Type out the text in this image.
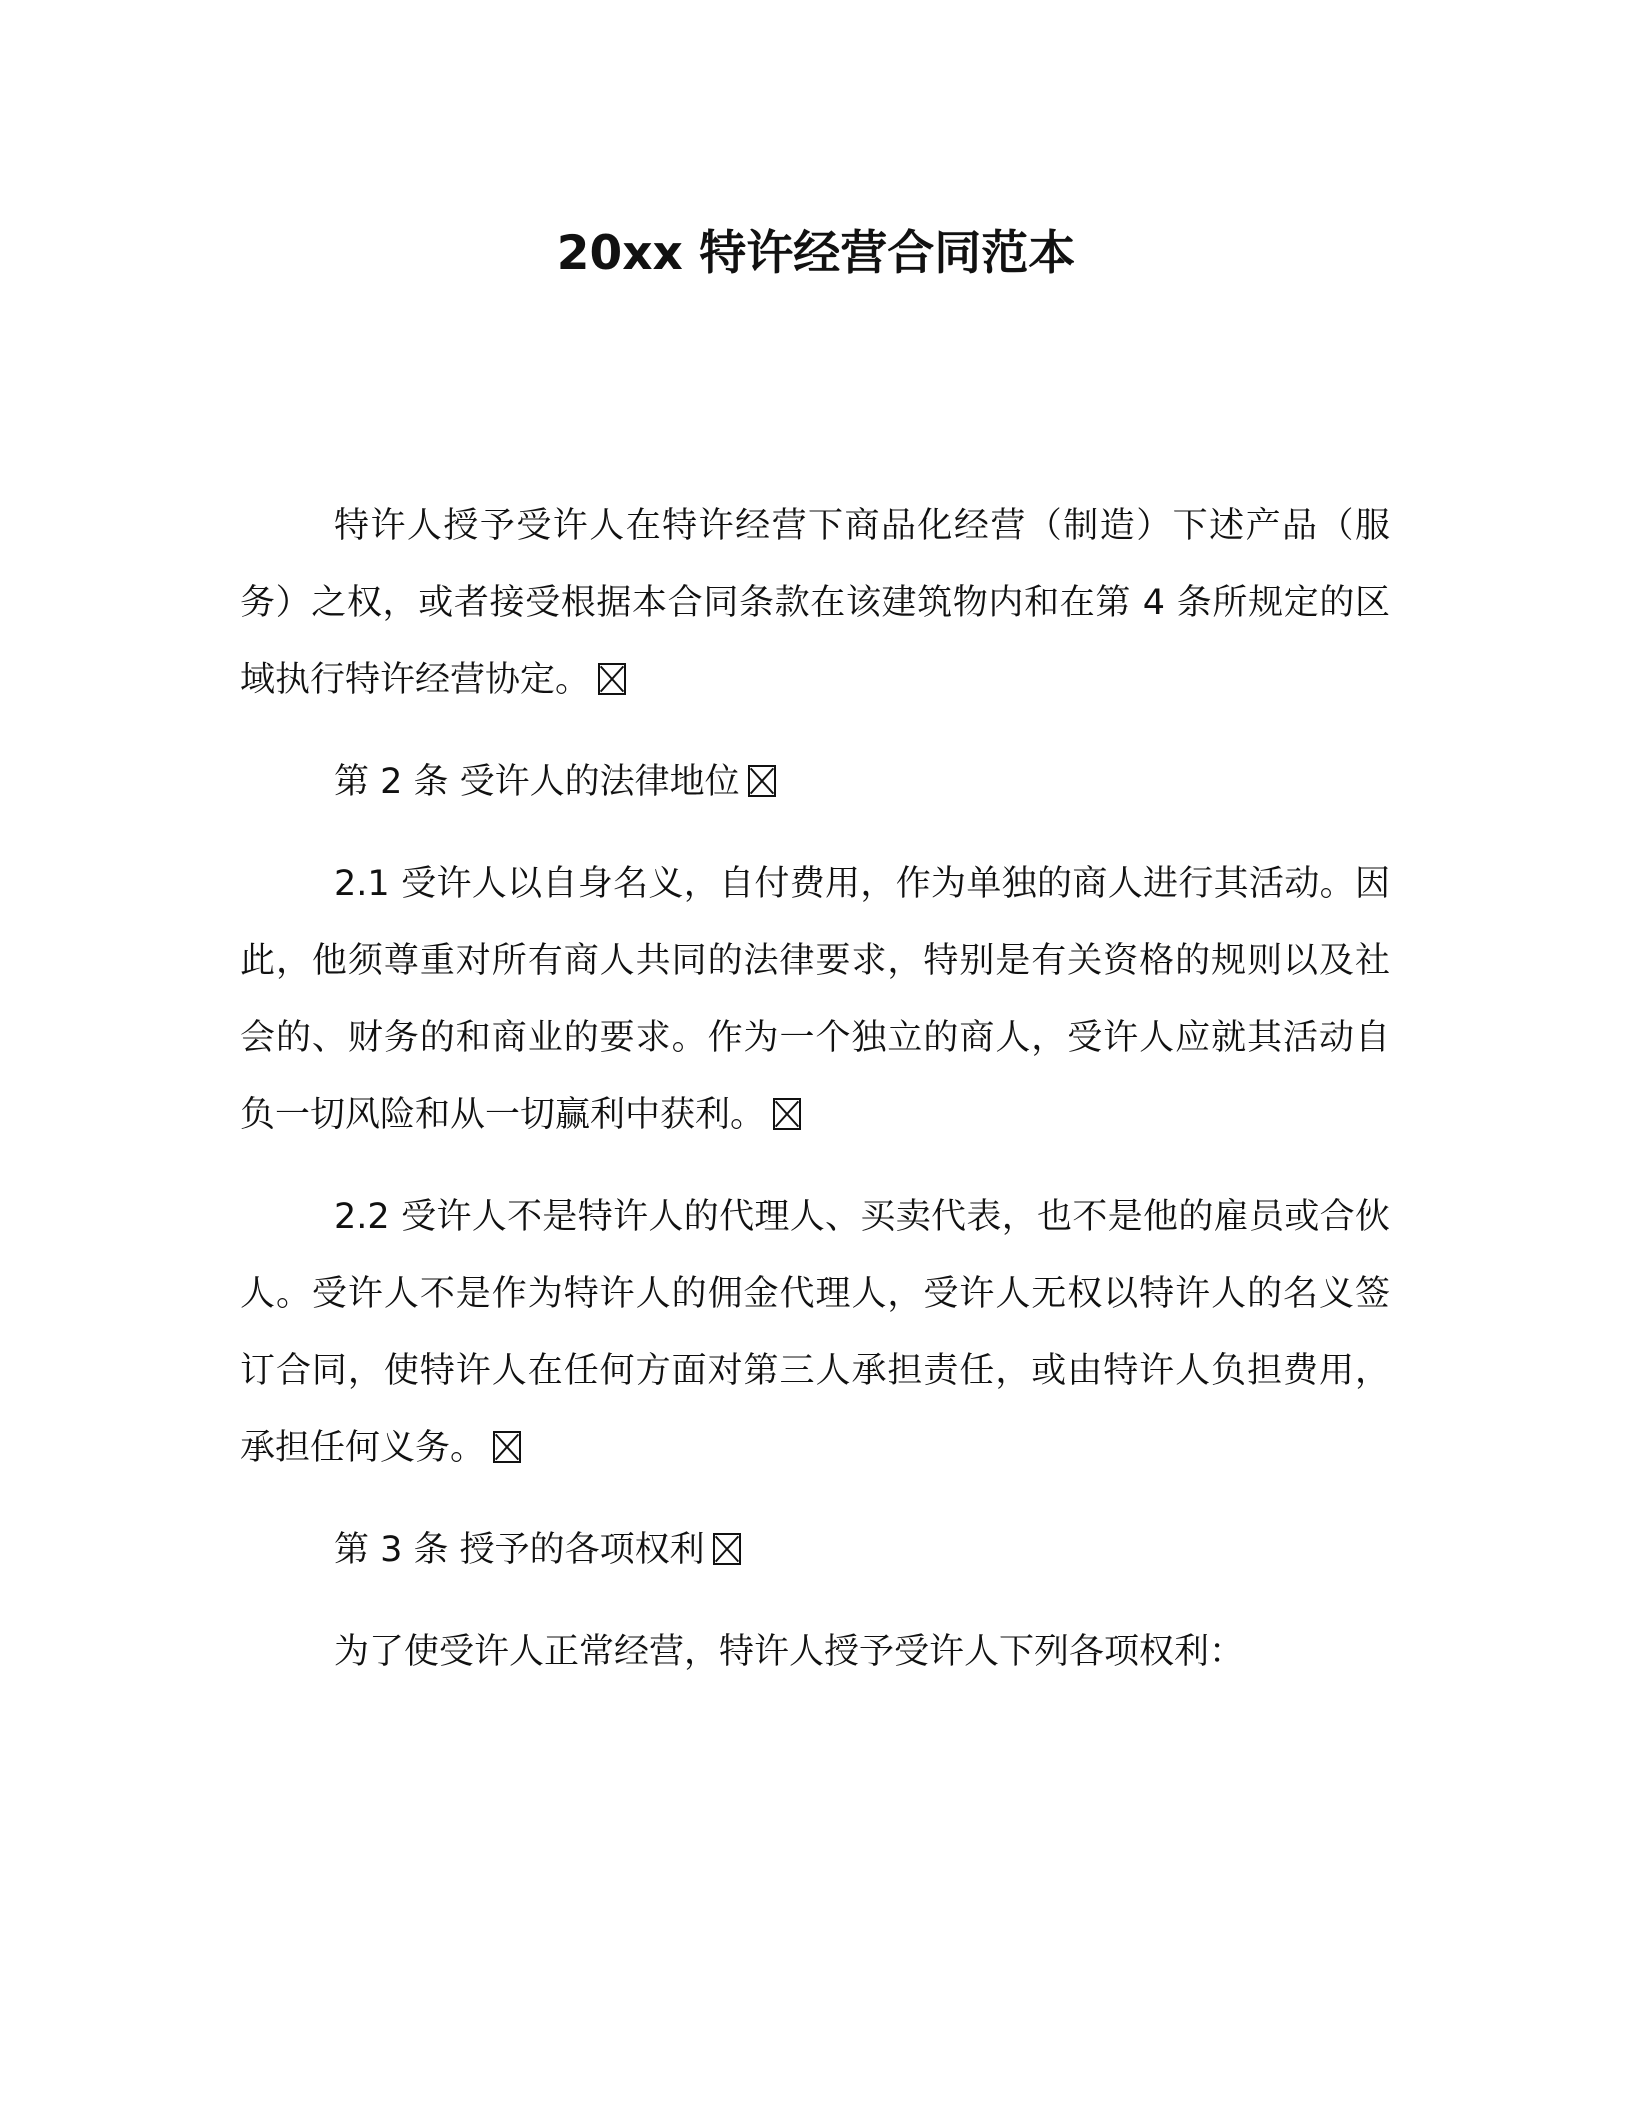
20xx 特许经营合同范本

特许人授予受许人在特许经营下商品化经营（制造）下述产品（服务）之权，或者接受根据本合同条款在该建筑物内和在第 4 条所规定的区域执行特许经营协定。

第 2 条 受许人的法律地位

2.1 受许人以自身名义，自付费用，作为单独的商人进行其活动。因此，他须尊重对所有商人共同的法律要求，特别是有关资格的规则以及社会的、财务的和商业的要求。作为一个独立的商人，受许人应就其活动自负一切风险和从一切赢利中获利。

2.2 受许人不是特许人的代理人、买卖代表，也不是他的雇员或合伙人。受许人不是作为特许人的佣金代理人，受许人无权以特许人的名义签订合同，使特许人在任何方面对第三人承担责任，或由特许人负担费用，承担任何义务。

第 3 条 授予的各项权利

为了使受许人正常经营，特许人授予受许人下列各项权利：
